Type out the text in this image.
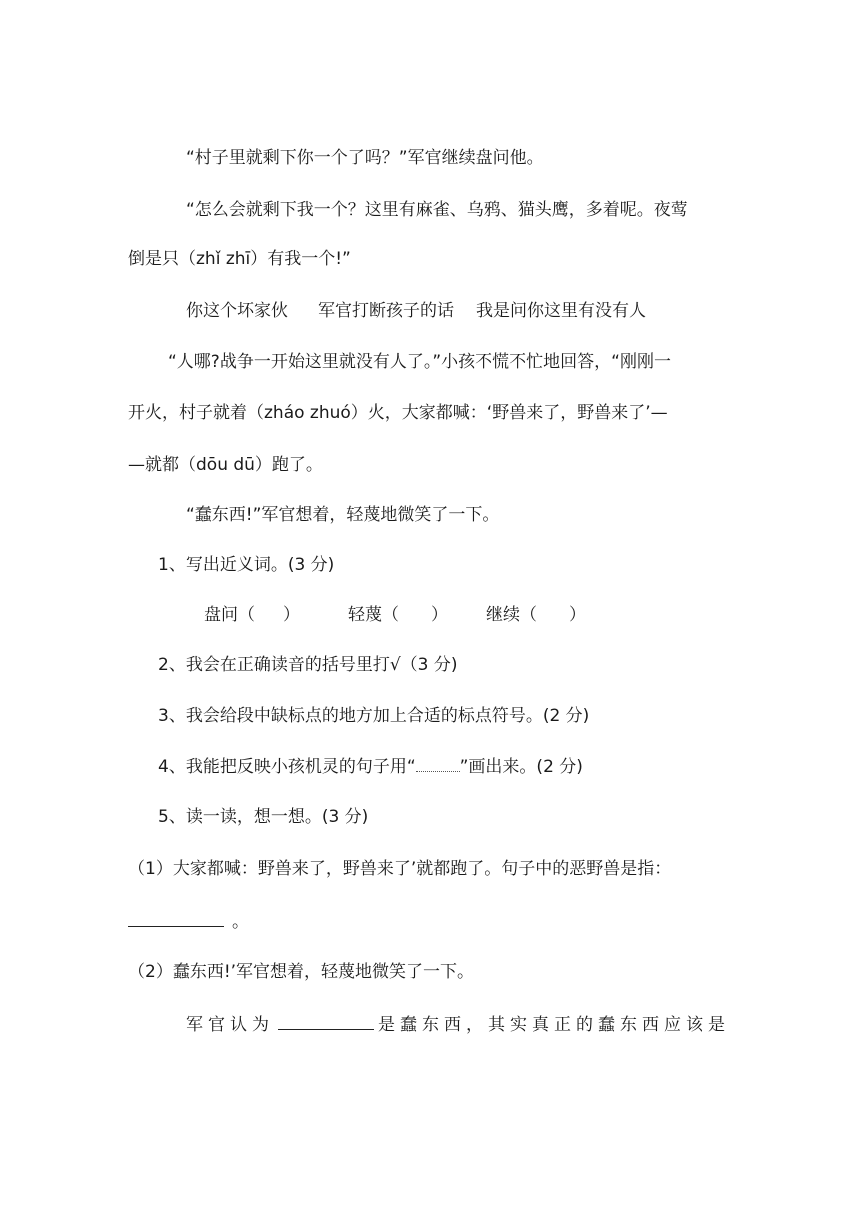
“村子里就剩下你一个了吗？”军官继续盘问他。
“怎么会就剩下我一个？这里有麻雀、乌鸦、猫头鹰，多着呢。夜莺
倒是只（zhǐ zhī）有我一个!”
你这个坏家伙 军官打断孩子的话 我是问你这里有没有人
“人哪?战争一开始这里就没有人了。”小孩不慌不忙地回答，“刚刚一
开火，村子就着（zháo zhuó）火，大家都喊：‘野兽来了，野兽来了’—
—就都（dōu dū）跑了。
“蠢东西!”军官想着，轻蔑地微笑了一下。
1、写出近义词。(3 分)
盘问（ ）	轻蔑（ ） 继续（ ）
2、我会在正确读音的括号里打√（3 分)
3、我会给段中缺标点的地方加上合适的标点符号。(2 分)
4、我能把反映小孩机灵的句子用“	”画出来。(2 分)
5、读一读，想一想。(3 分)
（1）大家都喊：野兽来了，野兽来了’就都跑了。句子中的恶野兽是指：
。
（2）蠢东西!’军官想着，轻蔑地微笑了一下。
军官认为	是蠢东西，其实真正的蠢东西应该是
